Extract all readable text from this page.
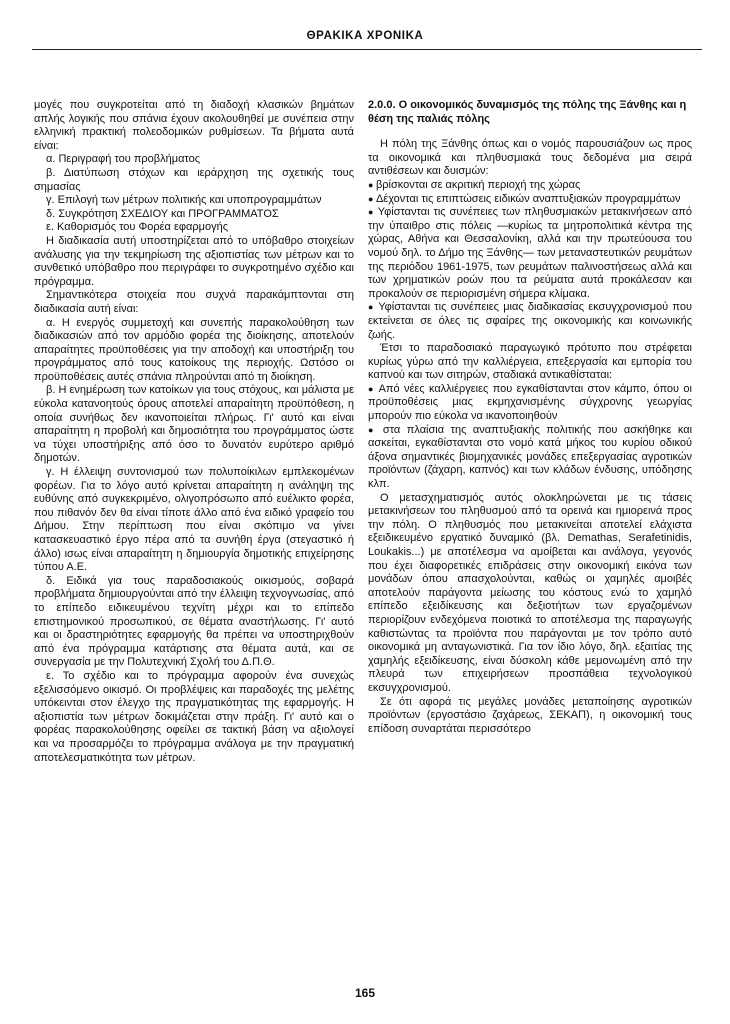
ΘΡΑΚΙΚΑ ΧΡΟΝΙΚΑ

μογές που συγκροτείται από τη διαδοχή κλασικών βημάτων απλής λογικής που σπάνια έχουν ακολουθηθεί με συνέπεια στην ελληνική πρακτική πολεοδομικών ρυθμίσεων. Τα βήματα αυτά είναι:

α. Περιγραφή του προβλήματος

β. Διατύπωση στόχων και ιεράρχηση της σχετικής τους σημασίας

γ. Επιλογή των μέτρων πολιτικής και υποπρογραμμάτων

δ. Συγκρότηση ΣΧΕΔΙΟΥ και ΠΡΟΓΡΑΜΜΑΤΟΣ

ε. Καθορισμός του Φορέα εφαρμογής

Η διαδικασία αυτή υποστηρίζεται από το υπόβαθρο στοιχείων ανάλυσης για την τεκμηρίωση της αξιοπιστίας των μέτρων και το συνθετικό υπόβαθρο που περιγράφει το συγκροτημένο σχέδιο και πρόγραμμα.

Σημαντικότερα στοιχεία που συχνά παρακάμπτονται στη διαδικασία αυτή είναι:

α. Η ενεργός συμμετοχή και συνεπής παρακολούθηση των διαδικασιών από τον αρμόδιο φορέα της διοίκησης, αποτελούν απαραίτητες προϋποθέσεις για την αποδοχή και υποστήριξη του προγράμματος από τους κατοίκους της περιοχής. Ωστόσο οι προϋποθέσεις αυτές σπάνια πληρούνται από τη διοίκηση.

β. Η ενημέρωση των κατοίκων για τους στόχους, και μάλιστα με εύκολα κατανοητούς όρους αποτελεί απαραίτητη προϋπόθεση, η οποία συνήθως δεν ικανοποιείται πλήρως. Γι' αυτό και είναι απαραίτητη η προβολή και δημοσιότητα του προγράμματος ώστε να τύχει υποστήριξης από όσο το δυνατόν ευρύτερο αριθμό δημοτών.

γ. Η έλλειψη συντονισμού των πολυποίκιλων εμπλεκομένων φορέων. Για το λόγο αυτό κρίνεται απαραίτητη η ανάληψη της ευθύνης από συγκεκριμένο, ολιγοπρόσωπο από ευέλικτο φορέα, που πιθανόν δεν θα είναι τίποτε άλλο από ένα ειδικό γραφείο του Δήμου. Στην περίπτωση που είναι σκόπιμο να γίνει κατασκευαστικό έργο πέρα από τα συνήθη έργα (στεγαστικό ή άλλο) ισως είναι απαραίτητη η δημιουργία δημοτικής επιχείρησης τύπου Α.Ε.

δ. Ειδικά για τους παραδοσιακούς οικισμούς, σοβαρά προβλήματα δημιουργούνται από την έλλειψη τεχνογνωσίας, από το επίπεδο ειδικευμένου τεχνίτη μέχρι και το επίπεδο επιστημονικού προσωπικού, σε θέματα αναστήλωσης. Γι' αυτό και οι δραστηριότητες εφαρμογής θα πρέπει να υποστηριχθούν από ένα πρόγραμμα κατάρτισης στα θέματα αυτά, και σε συνεργασία με την Πολυτεχνική Σχολή του Δ.Π.Θ.

ε. Το σχέδιο και το πρόγραμμα αφορούν ένα συνεχώς εξελισσόμενο οικισμό. Οι προβλέψεις και παραδοχές της μελέτης υπόκεινται στον έλεγχο της πραγματικότητας της εφαρμογής. Η αξιοπιστία των μέτρων δοκιμάζεται στην πράξη. Γι' αυτό και ο φορέας παρακολούθησης οφείλει σε τακτική βάση να αξιολογεί και να προσαρμόζει το πρόγραμμα ανάλογα με την πραγματική αποτελεσματικότητα των μέτρων.

2.0.0. Ο οικονομικός δυναμισμός της πόλης της Ξάνθης και η θέση της παλιάς πόλης

Η πόλη της Ξάνθης όπως και ο νομός παρουσιάζουν ως προς τα οικονομικά και πληθυσμιακά τους δεδομένα μια σειρά αντιθέσεων και δυισμών:

● βρίσκονται σε ακριτική περιοχή της χώρας

● Δέχονται τις επιπτώσεις ειδικών αναπτυξιακών προγραμμάτων

● Υφίστανται τις συνέπειες των πληθυσμιακών μετακινήσεων από την ύπαιθρο στις πόλεις —κυρίως τα μητροπολιτικά κέντρα της χώρας, Αθήνα και Θεσσαλονίκη, αλλά και την πρωτεύουσα του νομού δηλ. το Δήμο της Ξάνθης— των μεταναστευτικών ρευμάτων της περιόδου 1961-1975, των ρευμάτων παλινοστήσεως αλλά και των χρηματικών ροών που τα ρεύματα αυτά προκάλεσαν και προκαλούν σε περιορισμένη σήμερα κλίμακα.

● Υφίστανται τις συνέπειες μιας διαδικασίας εκσυγχρονισμού που εκτείνεται σε όλες τις σφαίρες της οικονομικής και κοινωνικής ζωής.

Έτσι το παραδοσιακό παραγωγικό πρότυπο που στρέφεται κυρίως γύρω από την καλλιέργεια, επεξεργασία και εμπορία του καπνού και των σιτηρών, σταδιακά αντικαθίσταται:

● Από νέες καλλιέργειες που εγκαθίστανται στον κάμπο, όπου οι προϋποθέσεις μιας εκμηχανισμένης σύγχρονης γεωργίας μπορούν πιο εύκολα να ικανοποιηθούν

● στα πλαίσια της αναπτυξιακής πολιτικής που ασκήθηκε και ασκείται, εγκαθίστανται στο νομό κατά μήκος του κυρίου οδικού άξονα σημαντικές βιομηχανικές μονάδες επεξεργασίας αγροτικών προϊόντων (ζάχαρη, καπνός) και των κλάδων ένδυσης, υπόδησης κλπ.

Ο μετασχηματισμός αυτός ολοκληρώνεται με τις τάσεις μετακινήσεων του πληθυσμού από τα ορεινά και ημιορεινά προς την πόλη. Ο πληθυσμός που μετακινείται αποτελεί ελάχιστα εξειδικευμένο εργατικό δυναμικό (βλ. Demathas, Serafetinidis, Loukakis...) με αποτέλεσμα να αμοίβεται και ανάλογα, γεγονός που έχει διαφορετικές επιδράσεις στην οικονομική εικόνα των μονάδων όπου απασχολούνται, καθώς οι χαμηλές αμοιβές αποτελούν παράγοντα μείωσης του κόστους ενώ το χαμηλό επίπεδο εξειδίκευσης και δεξιοτήτων των εργαζομένων περιορίζουν ενδεχόμενα ποιοτικά το αποτέλεσμα της παραγωγής καθιστώντας τα προϊόντα που παράγονται με τον τρόπο αυτό οικονομικά μη ανταγωνιστικά. Για τον ίδιο λόγο, δηλ. εξαιτίας της χαμηλής εξειδίκευσης, είναι δύσκολη κάθε μεμονωμένη από την πλευρά των επιχειρήσεων προσπάθεια τεχνολογικού εκσυγχρονισμού.

Σε ότι αφορά τις μεγάλες μονάδες μεταποίησης αγροτικών προϊόντων (εργοστάσιο ζαχάρεως, ΣΕΚΑΠ), η οικονομική τους επίδοση συναρτάται περισσότερο

165
